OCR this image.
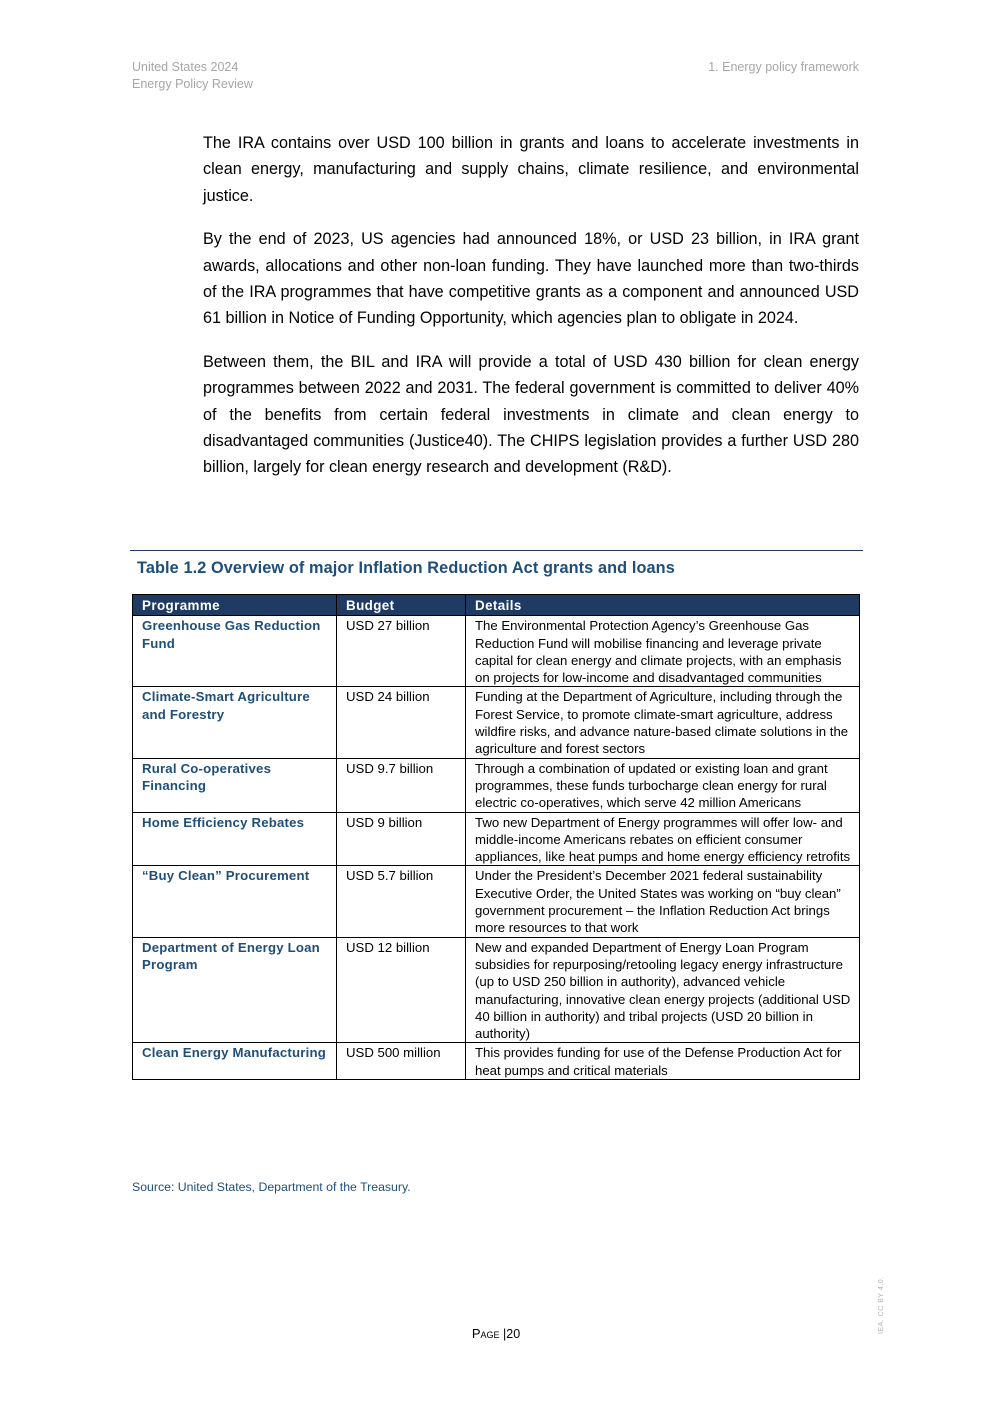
United States 2024
Energy Policy Review
1. Energy policy framework

The IRA contains over USD 100 billion in grants and loans to accelerate investments in clean energy, manufacturing and supply chains, climate resilience, and environmental justice.

By the end of 2023, US agencies had announced 18%, or USD 23 billion, in IRA grant awards, allocations and other non-loan funding. They have launched more than two-thirds of the IRA programmes that have competitive grants as a component and announced USD 61 billion in Notice of Funding Opportunity, which agencies plan to obligate in 2024.

Between them, the BIL and IRA will provide a total of USD 430 billion for clean energy programmes between 2022 and 2031. The federal government is committed to deliver 40% of the benefits from certain federal investments in climate and clean energy to disadvantaged communities (Justice40). The CHIPS legislation provides a further USD 280 billion, largely for clean energy research and development (R&D).

Table 1.2 Overview of major Inflation Reduction Act grants and loans
Programme	Budget	Details
Greenhouse Gas Reduction Fund	USD 27 billion	The Environmental Protection Agency’s Greenhouse Gas Reduction Fund will mobilise financing and leverage private capital for clean energy and climate projects, with an emphasis on projects for low-income and disadvantaged communities
Climate-Smart Agriculture and Forestry	USD 24 billion	Funding at the Department of Agriculture, including through the Forest Service, to promote climate-smart agriculture, address wildfire risks, and advance nature-based climate solutions in the agriculture and forest sectors
Rural Co-operatives Financing	USD 9.7 billion	Through a combination of updated or existing loan and grant programmes, these funds turbocharge clean energy for rural electric co-operatives, which serve 42 million Americans
Home Efficiency Rebates	USD 9 billion	Two new Department of Energy programmes will offer low- and middle-income Americans rebates on efficient consumer appliances, like heat pumps and home energy efficiency retrofits
“Buy Clean” Procurement	USD 5.7 billion	Under the President’s December 2021 federal sustainability Executive Order, the United States was working on “buy clean” government procurement – the Inflation Reduction Act brings more resources to that work
Department of Energy Loan Program	USD 12 billion	New and expanded Department of Energy Loan Program subsidies for repurposing/retooling legacy energy infrastructure (up to USD 250 billion in authority), advanced vehicle manufacturing, innovative clean energy projects (additional USD 40 billion in authority) and tribal projects (USD 20 billion in authority)
Clean Energy Manufacturing	USD 500 million	This provides funding for use of the Defense Production Act for heat pumps and critical materials
Source: United States, Department of the Treasury.
Page |20	IEA. CC BY 4.0.
